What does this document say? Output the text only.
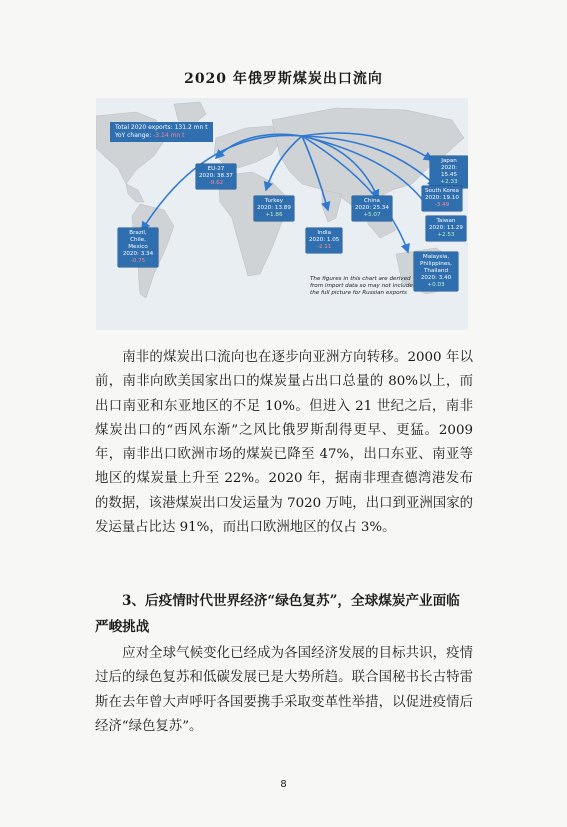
2020 年俄罗斯煤炭出口流向
Total 2020 exports: 131.2 mn t
YoY change: -3.14 mn t
EU-27
2020: 38.37
-9.62
Turkey
2020: 13.89
+1.86
China
2020: 25.34
+5.07
India
2020: 1.05
-2.11
Japan
2020: 15.45
+2.33
South Korea
2020: 19.10
-3.49
Taiwan
2020: 11.29
+2.53
Brazil, Chile, Mexico
2020: 3.34
-0.75
Malaysia, Philippines, Thailand
2020: 3.40
+0.03
The figures in this chart are derived from import data so may not include the full picture for Russian exports

南非的煤炭出口流向也在逐步向亚洲方向转移。2000 年以前，南非向欧美国家出口的煤炭量占出口总量的 80%以上，而出口南亚和东亚地区的不足 10%。但进入 21 世纪之后，南非煤炭出口的“西风东渐”之风比俄罗斯刮得更早、更猛。2009 年，南非出口欧洲市场的煤炭已降至 47%，出口东亚、南亚等地区的煤炭量上升至 22%。2020 年，据南非理查德湾港发布的数据，该港煤炭出口发运量为 7020 万吨，出口到亚洲国家的发运量占比达 91%，而出口欧洲地区的仅占 3%。

3、后疫情时代世界经济“绿色复苏”，全球煤炭产业面临严峻挑战

应对全球气候变化已经成为各国经济发展的目标共识，疫情过后的绿色复苏和低碳发展已是大势所趋。联合国秘书长古特雷斯在去年曾大声呼吁各国要携手采取变革性举措，以促进疫情后经济“绿色复苏”。

8
